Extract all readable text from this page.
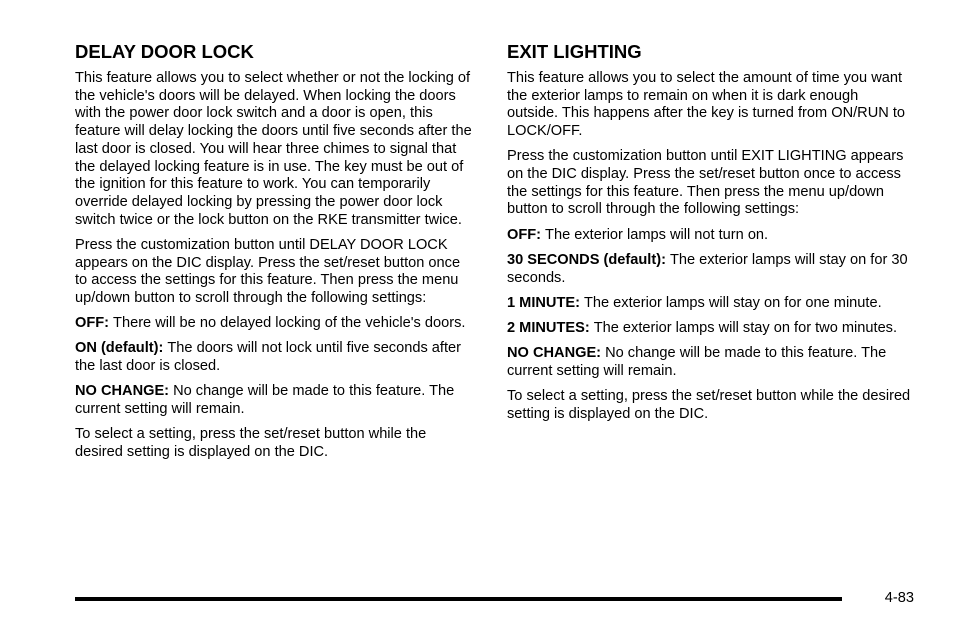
DELAY DOOR LOCK

This feature allows you to select whether or not the locking of the vehicle's doors will be delayed. When locking the doors with the power door lock switch and a door is open, this feature will delay locking the doors until five seconds after the last door is closed. You will hear three chimes to signal that the delayed locking feature is in use. The key must be out of the ignition for this feature to work. You can temporarily override delayed locking by pressing the power door lock switch twice or the lock button on the RKE transmitter twice.

Press the customization button until DELAY DOOR LOCK appears on the DIC display. Press the set/reset button once to access the settings for this feature. Then press the menu up/down button to scroll through the following settings:

OFF: There will be no delayed locking of the vehicle's doors.

ON (default): The doors will not lock until five seconds after the last door is closed.

NO CHANGE: No change will be made to this feature. The current setting will remain.

To select a setting, press the set/reset button while the desired setting is displayed on the DIC.

EXIT LIGHTING

This feature allows you to select the amount of time you want the exterior lamps to remain on when it is dark enough outside. This happens after the key is turned from ON/RUN to LOCK/OFF.

Press the customization button until EXIT LIGHTING appears on the DIC display. Press the set/reset button once to access the settings for this feature. Then press the menu up/down button to scroll through the following settings:

OFF: The exterior lamps will not turn on.

30 SECONDS (default): The exterior lamps will stay on for 30 seconds.

1 MINUTE: The exterior lamps will stay on for one minute.

2 MINUTES: The exterior lamps will stay on for two minutes.

NO CHANGE: No change will be made to this feature. The current setting will remain.

To select a setting, press the set/reset button while the desired setting is displayed on the DIC.

4-83
